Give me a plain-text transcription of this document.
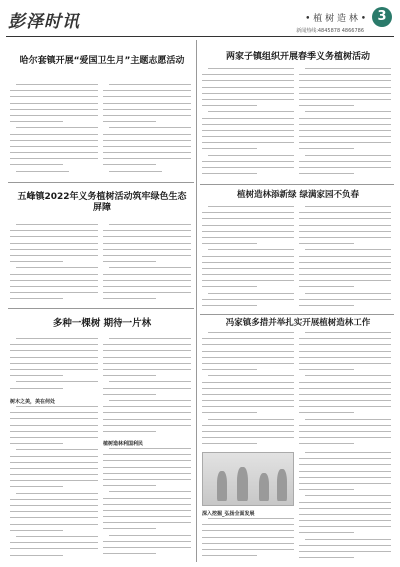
彭泽时讯	• 植 树 造 林 • 3
新闻热线:4845878 4866786
哈尔套镇开展“爱国卫生月”主题志愿活动
五峰镇2022年义务植树活动筑牢绿色生态屏障
多种一棵树 期待一片林
树木之美，美在何处
植树造林利国利民
两家子镇组织开展春季义务植树活动
植树造林添新绿 绿满家园不负春
冯家镇多措并举扎实开展植树造林工作
深入挖掘_弘扬全面发展
